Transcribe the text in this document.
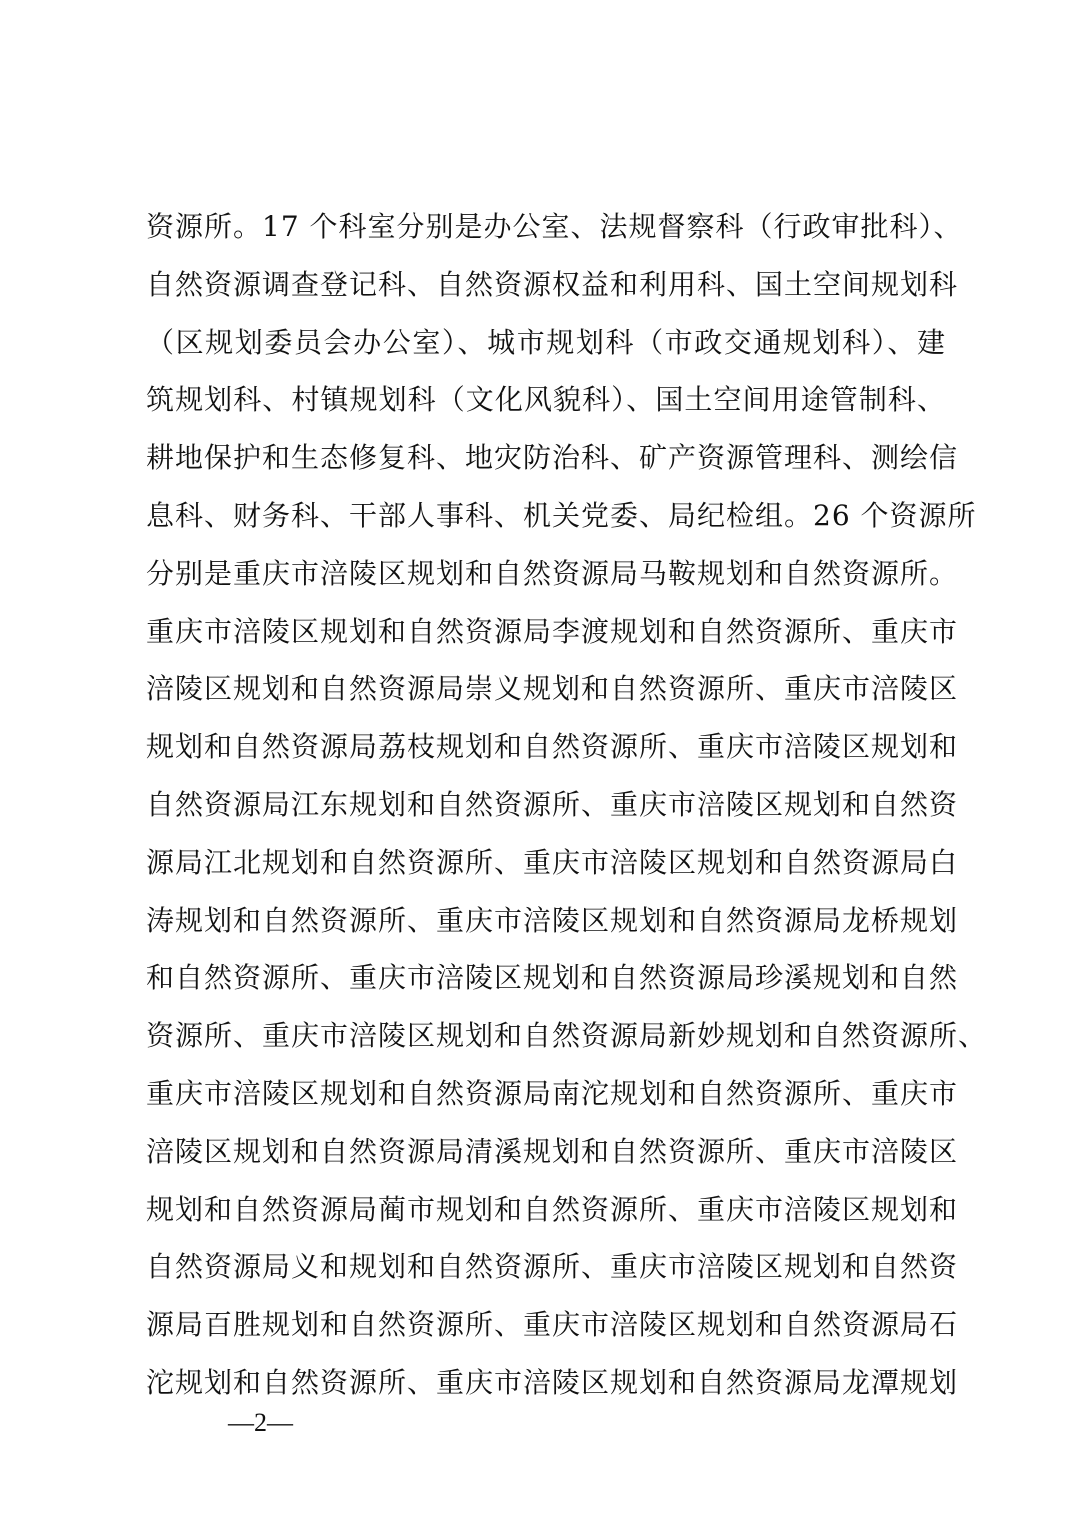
资源所。17 个科室分别是办公室、法规督察科（行政审批科）、
自然资源调查登记科、自然资源权益和利用科、国土空间规划科
（区规划委员会办公室）、城市规划科（市政交通规划科）、建
筑规划科、村镇规划科（文化风貌科）、国土空间用途管制科、
耕地保护和生态修复科、地灾防治科、矿产资源管理科、测绘信
息科、财务科、干部人事科、机关党委、局纪检组。26 个资源所
分别是重庆市涪陵区规划和自然资源局马鞍规划和自然资源所。
重庆市涪陵区规划和自然资源局李渡规划和自然资源所、重庆市
涪陵区规划和自然资源局崇义规划和自然资源所、重庆市涪陵区
规划和自然资源局荔枝规划和自然资源所、重庆市涪陵区规划和
自然资源局江东规划和自然资源所、重庆市涪陵区规划和自然资
源局江北规划和自然资源所、重庆市涪陵区规划和自然资源局白
涛规划和自然资源所、重庆市涪陵区规划和自然资源局龙桥规划
和自然资源所、重庆市涪陵区规划和自然资源局珍溪规划和自然
资源所、重庆市涪陵区规划和自然资源局新妙规划和自然资源所、
重庆市涪陵区规划和自然资源局南沱规划和自然资源所、重庆市
涪陵区规划和自然资源局清溪规划和自然资源所、重庆市涪陵区
规划和自然资源局蔺市规划和自然资源所、重庆市涪陵区规划和
自然资源局义和规划和自然资源所、重庆市涪陵区规划和自然资
源局百胜规划和自然资源所、重庆市涪陵区规划和自然资源局石
沱规划和自然资源所、重庆市涪陵区规划和自然资源局龙潭规划
—2—
